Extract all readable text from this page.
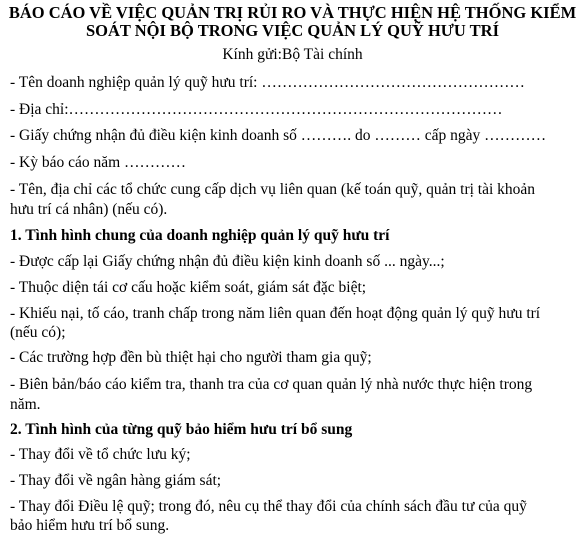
BÁO CÁO VỀ VIỆC QUẢN TRỊ RỦI RO VÀ THỰC HIỆN HỆ THỐNG KIỂM
SOÁT NỘI BỘ TRONG VIỆC QUẢN LÝ QUỸ HƯU TRÍ
Kính gửi:Bộ Tài chính
- Tên doanh nghiệp quản lý quỹ hưu trí: ……………………………………………
- Địa chỉ:…………………………………………………………………………
- Giấy chứng nhận đủ điều kiện kinh doanh số ………. do ……… cấp ngày …………
- Kỳ báo cáo năm …………
- Tên, địa chỉ các tổ chức cung cấp dịch vụ liên quan (kế toán quỹ, quản trị tài khoản
hưu trí cá nhân) (nếu có).
1. Tình hình chung của doanh nghiệp quản lý quỹ hưu trí
- Được cấp lại Giấy chứng nhận đủ điều kiện kinh doanh số ... ngày...;
- Thuộc diện tái cơ cấu hoặc kiểm soát, giám sát đặc biệt;
- Khiếu nại, tố cáo, tranh chấp trong năm liên quan đến hoạt động quản lý quỹ hưu trí
(nếu có);
- Các trường hợp đền bù thiệt hại cho người tham gia quỹ;
- Biên bản/báo cáo kiểm tra, thanh tra của cơ quan quản lý nhà nước thực hiện trong
năm.
2. Tình hình của từng quỹ bảo hiểm hưu trí bổ sung
- Thay đổi về tổ chức lưu ký;
- Thay đổi về ngân hàng giám sát;
- Thay đổi Điều lệ quỹ; trong đó, nêu cụ thể thay đổi của chính sách đầu tư của quỹ
bảo hiểm hưu trí bổ sung.
